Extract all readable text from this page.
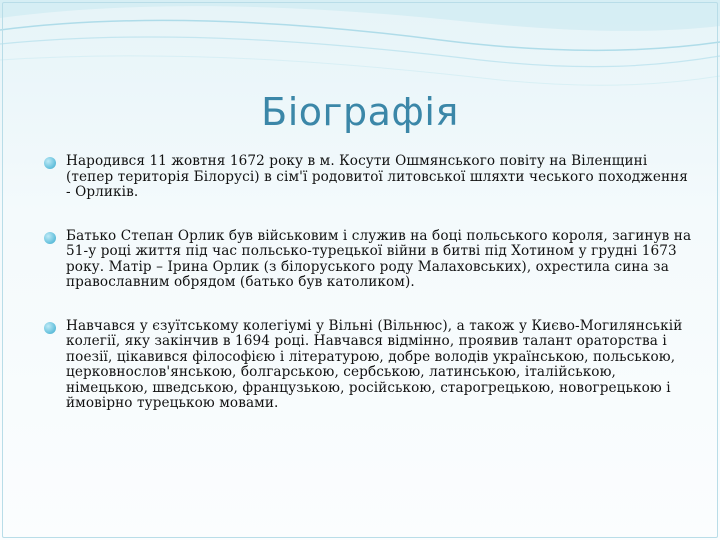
Біографія
Народився 11 жовтня 1672 року в м. Косути Ошмянського повіту на Віленщині (тепер територія Білорусі) в сім'ї родовитої литовської шляхти чеського походження - Орликів.
Батько Степан Орлик був військовим і служив на боці польського короля, загинув на 51-у році життя під час польсько-турецької війни в битві під Хотином у грудні 1673 року. Матір – Ірина Орлик (з білоруського роду Малахoвських), охрестила сина за православним обрядом (батько був католиком).
Навчався у єзуїтському колегіумі у Вільні (Вільнюс), а також у Києво-Могилянській колегії, яку закінчив в 1694 році. Навчався відмінно, проявив талант ораторства і поезії, цікавився філософією і літературою, добре володів українською, польською, церковнослов'янською, болгарською, сербською, латинською, італійською, німецькою, шведською, французькою, російською, старогрецькою, новогрецькою і ймовірно турецькою мовами.
